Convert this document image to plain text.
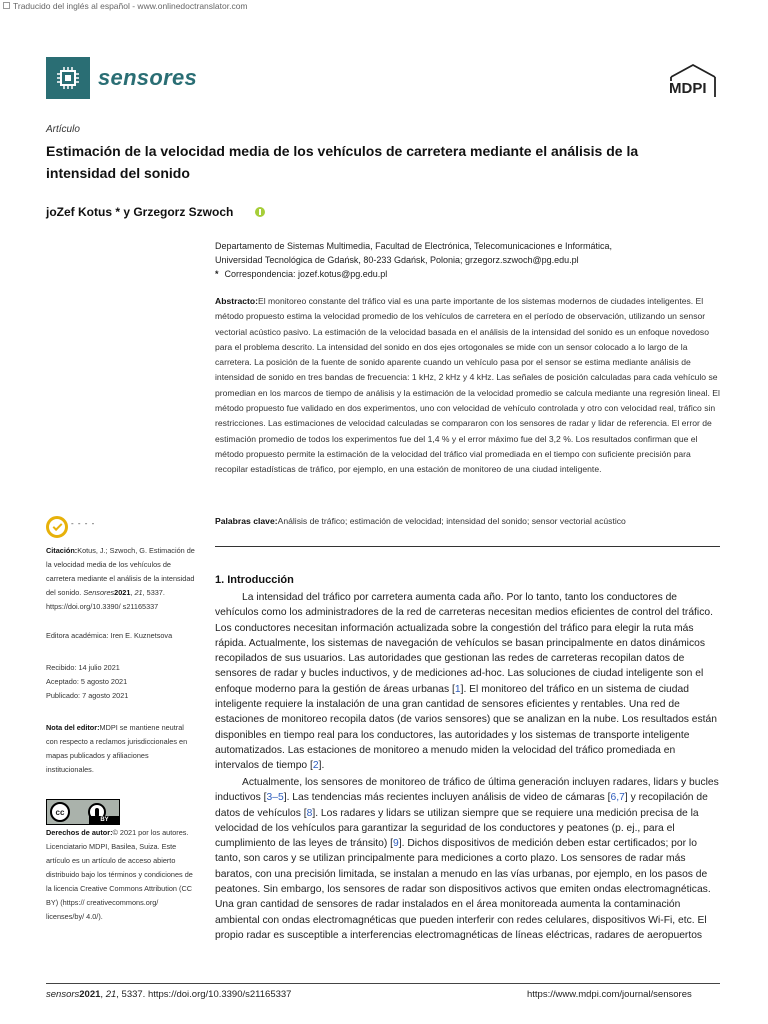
Traducido del inglés al español - www.onlinedoctranslator.com
sensores	MDPI
Artículo
Estimación de la velocidad media de los vehículos de carretera mediante el análisis de la intensidad del sonido
joZef Kotus * y Grzegorz Szwoch
Departamento de Sistemas Multimedia, Facultad de Electrónica, Telecomunicaciones e Informática,
Universidad Tecnológica de Gdańsk, 80-233 Gdańsk, Polonia; grzegorz.szwoch@pg.edu.pl
* Correspondencia: jozef.kotus@pg.edu.pl

Abstracto:El monitoreo constante del tráfico vial es una parte importante de los sistemas modernos de ciudades inteligentes. El método propuesto estima la velocidad promedio de los vehículos de carretera en el período de observación, utilizando un sensor vectorial acústico pasivo. La estimación de la velocidad basada en el análisis de la intensidad del sonido es un enfoque novedoso para el problema descrito. La intensidad del sonido en dos ejes ortogonales se mide con un sensor colocado a lo largo de la carretera. La posición de la fuente de sonido aparente cuando un vehículo pasa por el sensor se estima mediante análisis de intensidad de sonido en tres bandas de frecuencia: 1 kHz, 2 kHz y 4 kHz. Las señales de posición calculadas para cada vehículo se promedian en los marcos de tiempo de análisis y la estimación de la velocidad promedio se calcula mediante una regresión lineal. El método propuesto fue validado en dos experimentos, uno con velocidad de vehículo controlada y otro con velocidad real, tráfico sin restricciones. Las estimaciones de velocidad calculadas se compararon con los sensores de radar y lidar de referencia. El error de estimación promedio de todos los experimentos fue del 1,4 % y el error máximo fue del 3,2 %. Los resultados confirman que el método propuesto permite la estimación de la velocidad del tráfico vial promediada en el tiempo con suficiente precisión para recopilar estadísticas de tráfico, por ejemplo, en una estación de monitoreo de una ciudad inteligente.

Palabras clave:Análisis de tráfico; estimación de velocidad; intensidad del sonido; sensor vectorial acústico

- - - -

Citación:Kotus, J.; Szwoch, G. Estimación de la velocidad media de los vehículos de carretera mediante el análisis de la intensidad del sonido. Sensores2021, 21, 5337. https://doi.org/10.3390/ s21165337

Editora académica: Iren E. Kuznetsova

Recibido: 14 julio 2021
Aceptado: 5 agosto 2021
Publicado: 7 agosto 2021

Nota del editor:MDPI se mantiene neutral con respecto a reclamos jurisdiccionales en mapas publicados y afiliaciones institucionales.

cc
BY

Derechos de autor:© 2021 por los autores. Licenciatario MDPI, Basilea, Suiza. Este artículo es un artículo de acceso abierto distribuido bajo los términos y condiciones de la licencia Creative Commons Attribution (CC BY) (https:// creativecommons.org/ licenses/by/ 4.0/).

1. Introducción

La intensidad del tráfico por carretera aumenta cada año. Por lo tanto, tanto los conductores de vehículos como los administradores de la red de carreteras necesitan medios eficientes de control del tráfico. Los conductores necesitan información actualizada sobre la congestión del tráfico para elegir la ruta más rápida. Actualmente, los sistemas de navegación de vehículos se basan principalmente en datos dinámicos recopilados de sus usuarios. Las autoridades que gestionan las redes de carreteras recopilan datos de sensores de radar y bucles inductivos, y de mediciones ad-hoc. Las soluciones de ciudad inteligente son el enfoque moderno para la gestión de áreas urbanas [1]. El monitoreo del tráfico en un sistema de ciudad inteligente requiere la instalación de una gran cantidad de sensores eficientes y rentables. Una red de estaciones de monitoreo recopila datos (de varios sensores) que se analizan en la nube. Los resultados están disponibles en tiempo real para los conductores, las autoridades y los sistemas de transporte inteligente automatizados. Las estaciones de monitoreo a menudo miden la velocidad del tráfico promediada en intervalos de tiempo [2].

Actualmente, los sensores de monitoreo de tráfico de última generación incluyen radares, lidars y bucles inductivos [3–5]. Las tendencias más recientes incluyen análisis de video de cámaras [6,7] y recopilación de datos de vehículos [8]. Los radares y lidars se utilizan siempre que se requiere una medición precisa de la velocidad de los vehículos para garantizar la seguridad de los conductores y peatones (p. ej., para el cumplimiento de las leyes de tránsito) [9]. Dichos dispositivos de medición deben estar certificados; por lo tanto, son caros y se utilizan principalmente para mediciones a corto plazo. Los sensores de radar más baratos, con una precisión limitada, se instalan a menudo en las vías urbanas, por ejemplo, en los pasos de peatones. Sin embargo, los sensores de radar son dispositivos activos que emiten ondas electromagnéticas. Una gran cantidad de sensores de radar instalados en el área monitoreada aumenta la contaminación ambiental con ondas electromagnéticas que pueden interferir con redes celulares, dispositivos Wi-Fi, etc. El propio radar es susceptible a interferencias electromagnéticas de líneas eléctricas, radares de aeropuertos

sensors2021, 21, 5337. https://doi.org/10.3390/s21165337	https://www.mdpi.com/journal/sensores
